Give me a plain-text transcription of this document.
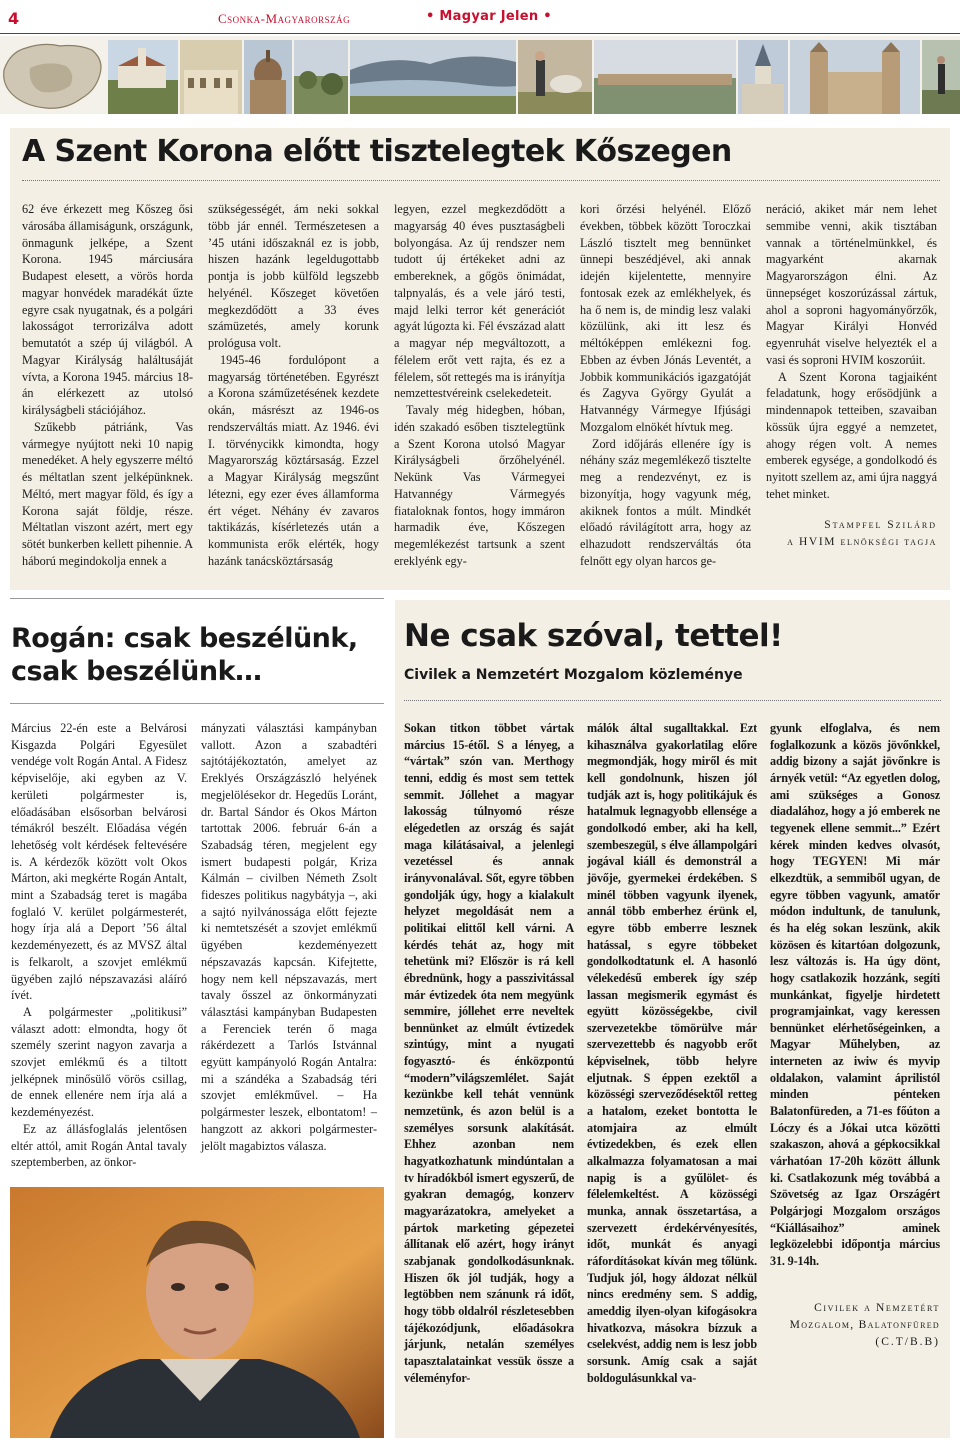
4	Csonka-Magyarország	• Magyar Jelen •
A Szent Korona előtt tisztelegtek Kőszegen

62 éve érkezett meg Kőszeg ősi városába államiságunk, országunk, önmagunk jelképe, a Szent Korona. 1945 márciusára Budapest elesett, a vörös horda magyar honvédek maradékát űzte egyre csak nyugatnak, és a polgári lakosságot terrorizálva adott bemutatót a szép új világból. A Magyar Királyság haláltusáját vívta, a Korona 1945. március 18-án elérkezett az utolsó királyságbeli stációjához.

Szűkebb pátriánk, Vas vármegye nyújtott neki 10 napig menedéket. A hely egyszerre méltó és méltatlan szent jelképünknek. Méltó, mert magyar föld, és így a Korona saját földje, része. Méltatlan viszont azért, mert egy sötét bunkerben kellett pihennie. A háború megindokolja ennek a

szükségességét, ám neki sokkal több jár ennél. Természetesen a ’45 utáni időszaknál ez is jobb, hiszen hazánk legeldugottabb pontja is jobb külföld legszebb helyénél. Kőszeget követően megkezdődött a 33 éves számüzetés, amely korunk prológusa volt.

1945-46 fordulópont a magyarság történetében. Egyrészt a Korona száműzetésének kezdete okán, másrészt az 1946-os rendszerváltás miatt. Az 1946. évi I. törvénycikk kimondta, hogy Magyarország köztársaság. Ezzel a Magyar Királyság megszűnt létezni, egy ezer éves államforma ért véget. Néhány év zavaros taktikázás, kísérletezés után a kommunista erők elérték, hogy hazánk tanácsköztársaság

legyen, ezzel megkezdődött a magyarság 40 éves pusztaságbeli bolyongása. Az új rendszer nem tudott új értékeket adni az embereknek, a gőgös önimádat, talpnyalás, és a vele járó testi, majd lelki terror két generációt agyát lúgozta ki. Fél évszázad alatt a magyar nép megváltozott, a félelem erőt vett rajta, és ez a félelem, sőt rettegés ma is irányítja nemzettestvéreink cselekedeteit.

Tavaly még hidegben, hóban, idén szakadó esőben tisztelegtünk a Szent Korona utolsó Magyar Királyságbeli őrzőhelyénél. Nekünk Vas Vármegyei Hatvannégy Vármegyés fiataloknak fontos, hogy immáron harmadik éve, Kőszegen megemlékezést tartsunk a szent ereklyénk egy-

kori őrzési helyénél. Előző években, többek között Toroczkai László tisztelt meg bennünket ünnepi beszédjével, aki annak idején kijelentette, mennyire fontosak ezek az emlékhelyek, és ha ő nem is, de mindig lesz valaki közülünk, aki itt lesz és méltóképpen emlékezni fog. Ebben az évben Jónás Leventét, a Jobbik kommunikációs igazgatóját és Zagyva György Gyulát a Hatvannégy Vármegye Ifjúsági Mozgalom elnökét hívtuk meg.

Zord időjárás ellenére így is néhány száz megemlékező tisztelte meg a rendezvényt, ez is bizonyítja, hogy vagyunk még, akiknek fontos a múlt. Mindkét előadó rávilágított arra, hogy az elhazudott rendszerváltás óta felnőtt egy olyan harcos ge-

neráció, akiket már nem lehet semmibe venni, akik tisztában vannak a történelmünkkel, és magyarként akarnak Magyarországon élni. Az ünnepséget koszorúzással zártuk, ahol a soproni hagyományőrzők, Magyar Királyi Honvéd egyenruhát viselve helyezték el a vasi és soproni HVIM koszorúit.

A Szent Korona tagjaiként feladatunk, hogy erősödjünk a mindennapok tetteiben, szavaiban kössük újra eggyé a nemzetet, ahogy régen volt. A nemes emberek egysége, a gondolkodó és nyitott szellem az, ami újra naggyá tehet minket.

Stampfel Szilárd
a HVIM elnökségi tagja
Rogán: csak beszélünk, csak beszélünk…

Március 22-én este a Belvárosi Kisgazda Polgári Egyesület vendége volt Rogán Antal. A Fidesz képviselője, aki egyben az V. kerületi polgármester is, előadásában elsősorban belvárosi témákról beszélt. Előadása végén lehetőség volt kérdések feltevésére is. A kérdezők között volt Okos Márton, aki megkérte Rogán Antalt, mint a Szabadság teret is magába foglaló V. kerület polgármesterét, hogy írja alá a Deport ’56 által kezdeményezett, és az MVSZ által is felkarolt, a szovjet emlékmű ügyében zajló népszavazási aláíró ívét.

A polgármester „politikusi” választ adott: elmondta, hogy őt személy szerint nagyon zavarja a szovjet emlékmű és a tiltott jelképnek minősülő vörös csillag, de ennek ellenére nem írja alá a kezdeményezést.

Ez az állásfoglalás jelentősen eltér attól, amit Rogán Antal tavaly szeptemberben, az önkor-

mányzati választási kampányban vallott. Azon a szabadtéri sajtótájékoztatón, amelyet az Ereklyés Országzászló helyének megjelölésekor dr. Hegedűs Loránt, dr. Bartal Sándor és Okos Márton tartottak 2006. február 6-án a Szabadság téren, megjelent egy ismert budapesti polgár, Kriza Kálmán – civilben Németh Zsolt fideszes politikus nagybátyja –, aki a sajtó nyilvánossága előtt fejezte ki nemtetszését a szovjet emlékmű ügyében kezdeményezett népszavazás kapcsán. Kifejtette, hogy nem kell népszavazás, mert tavaly ősszel az önkormányzati választási kampányban Budapesten a Ferenciek terén ő maga rákérdezett a Tarlós Istvánnal együtt kampányoló Rogán Antalra: mi a szándéka a Szabadság téri szovjet emlékművel. – Ha polgármester leszek, elbontatom! – hangzott az akkori polgármester-jelölt magabiztos válasza.

Ne csak szóval, tettel!
Civilek a Nemzetért Mozgalom közleménye

Sokan titkon többet vártak március 15-étől. S a lényeg, a “vártak” szón van. Merthogy tenni, eddig és most sem tettek semmit. Jóllehet a magyar lakosság túlnyomó része elégedetlen az ország és saját maga kilátásaival, a jelenlegi vezetéssel és annak irányvonalával. Sőt, egyre többen gondolják úgy, hogy a kialakult helyzet megoldását nem a politikai elittől kell várni. A kérdés tehát az, hogy mit tehetünk mi? Először is rá kell ébrednünk, hogy a passzivitással már évtizedek óta nem megyünk semmire, jóllehet erre neveltek bennünket az elmúlt évtizedek szintúgy, mint a nyugati fogyasztó- és énközpontú “modern”világszemlélet. Saját kezünkbe kell tehát vennünk nemzetünk, és azon belül is a személyes sorsunk alakítását. Ehhez azonban nem hagyatkozhatunk mindúntalan a tv híradókból ismert egyszerű, de gyakran demagóg, konzerv magyarázatokra, amelyeket a pártok marketing gépezetei állítanak elő azért, hogy irányt szabjanak gondolkodásunknak. Hiszen ők jól tudják, hogy a legtöbben nem szánunk rá időt, hogy több oldalról részletesebben tájékozódjunk, előadásokra járjunk, netalán személyes tapasztalatainkat vessük össze a véleményfor-

málók által sugalltakkal. Ezt kihasználva gyakorlatilag előre megmondják, hogy miről és mit kell gondolnunk, hiszen jól tudják azt is, hogy politikájuk és hatalmuk legnagyobb ellensége a gondolkodó ember, aki ha kell, szembeszegül, s élve állampolgári jogával kiáll és demonstrál a jövője, gyermekei érdekében. S minél többen vagyunk ilyenek, annál több emberhez érünk el, egyre több emberre lesznek hatással, s egyre többeket gondolkodtatunk el. A hasonló vélekedésű emberek így szép lassan megismerik egymást és együtt közösségekbe, civil szervezetekbe tömörülve már szervezettebb és nagyobb erőt képviselnek, több helyre eljutnak. S éppen ezektől a közösségi szerveződésektől retteg a hatalom, ezeket bontotta le atomjaira az elmúlt évtizedekben, és ezek ellen alkalmazza folyamatosan a mai napig is a gyűlölet- és félelemkeltést. A közösségi munka, annak összetartása, a szervezett érdekérvényesítés, időt, munkát és anyagi ráfordításokat kíván meg tőlünk. Tudjuk jól, hogy áldozat nélkül nincs eredmény sem. S addig, ameddig ilyen-olyan kifogásokra hivatkozva, másokra bízzuk a cselekvést, addig nem is lesz jobb sorsunk. Amíg csak a saját boldogulásunkkal va-

gyunk elfoglalva, és nem foglalkozunk a közös jövőnkkel, addig bizony a saját jövőnkre is árnyék vetül: “Az egyetlen dolog, ami szükséges a Gonosz diadalához, hogy a jó emberek ne tegyenek ellene semmit...” Ezért kérek minden kedves olvasót, hogy TEGYEN! Mi már elkezdtük, a semmiből ugyan, de egyre többen vagyunk, amatőr módon indultunk, de tanulunk, és ha elég sokan leszünk, akik közösen és kitartóan dolgozunk, lesz változás is. Ha úgy dönt, hogy csatlakozik hozzánk, segíti munkánkat, figyelje hirdetett programjainkat, vagy keressen bennünket elérhetőségeinken, a Magyar Műhelyben, az interneten az iwiw és myvip oldalakon, valamint áprilistól minden pénteken Balatonfüreden, a 71-es főúton a Lóczy és a Jókai utca közötti szakaszon, ahová a gépkocsikkal várhatóan 17-20h között állunk ki. Csatlakozunk még továbbá a Szövetség az Igaz Országért Polgárjogi Mozgalom országos “Kiállásaihoz” aminek legközelebbi időpontja március 31. 9-14h.

Civilek a Nemzetért
Mozgalom, Balatonfüred
(C.T/B.B)
